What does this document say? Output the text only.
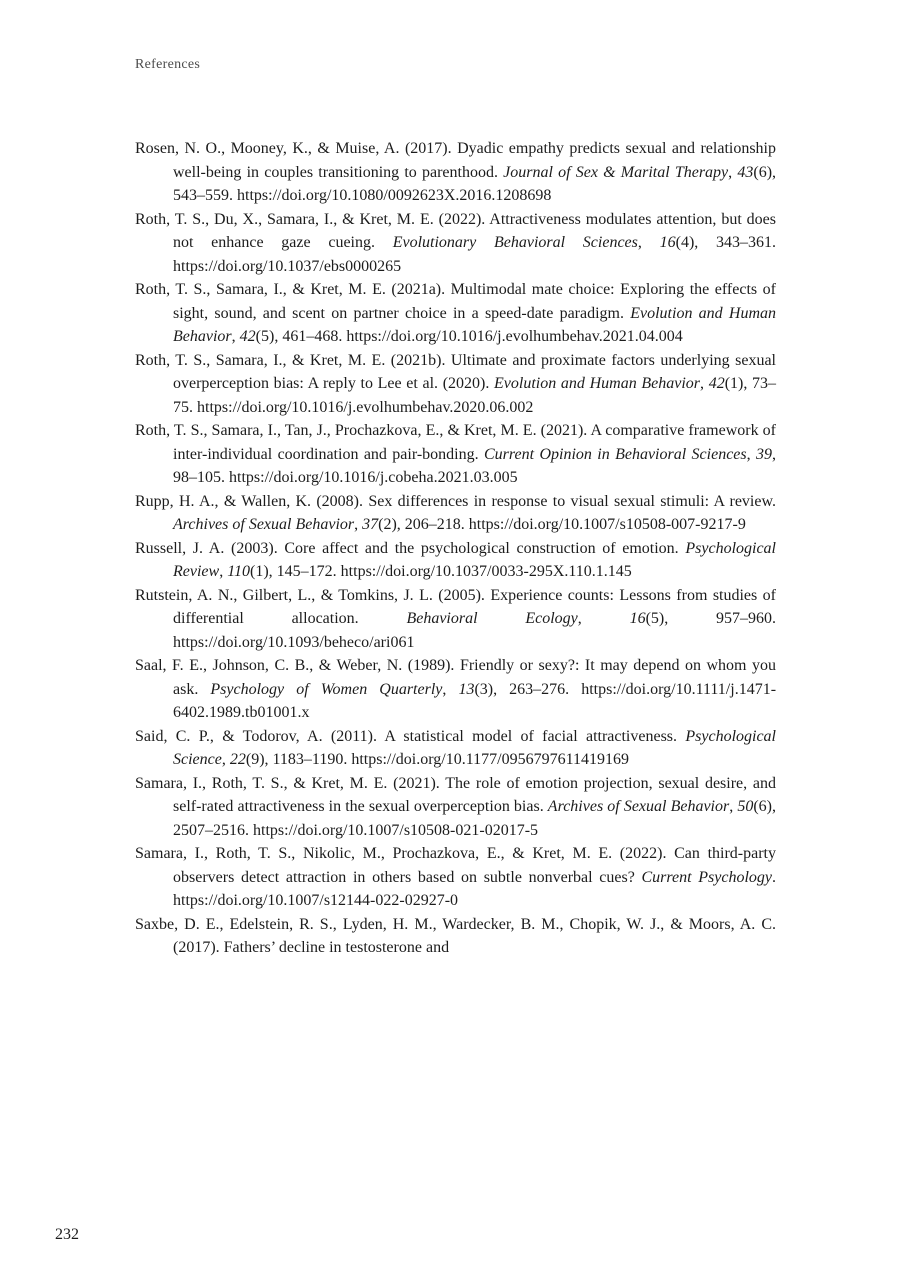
References

Rosen, N. O., Mooney, K., & Muise, A. (2017). Dyadic empathy predicts sexual and relationship well-being in couples transitioning to parenthood. Journal of Sex & Marital Therapy, 43(6), 543–559. https://doi.org/10.1080/0092623X.2016.1208698

Roth, T. S., Du, X., Samara, I., & Kret, M. E. (2022). Attractiveness modulates attention, but does not enhance gaze cueing. Evolutionary Behavioral Sciences, 16(4), 343–361. https://doi.org/10.1037/ebs0000265

Roth, T. S., Samara, I., & Kret, M. E. (2021a). Multimodal mate choice: Exploring the effects of sight, sound, and scent on partner choice in a speed-date paradigm. Evolution and Human Behavior, 42(5), 461–468. https://doi.org/10.1016/j.evolhumbehav.2021.04.004

Roth, T. S., Samara, I., & Kret, M. E. (2021b). Ultimate and proximate factors underlying sexual overperception bias: A reply to Lee et al. (2020). Evolution and Human Behavior, 42(1), 73–75. https://doi.org/10.1016/j.evolhumbehav.2020.06.002

Roth, T. S., Samara, I., Tan, J., Prochazkova, E., & Kret, M. E. (2021). A comparative framework of inter-individual coordination and pair-bonding. Current Opinion in Behavioral Sciences, 39, 98–105. https://doi.org/10.1016/j.cobeha.2021.03.005

Rupp, H. A., & Wallen, K. (2008). Sex differences in response to visual sexual stimuli: A review. Archives of Sexual Behavior, 37(2), 206–218. https://doi.org/10.1007/s10508-007-9217-9

Russell, J. A. (2003). Core affect and the psychological construction of emotion. Psychological Review, 110(1), 145–172. https://doi.org/10.1037/0033-295X.110.1.145

Rutstein, A. N., Gilbert, L., & Tomkins, J. L. (2005). Experience counts: Lessons from studies of differential allocation. Behavioral Ecology, 16(5), 957–960. https://doi.org/10.1093/beheco/ari061

Saal, F. E., Johnson, C. B., & Weber, N. (1989). Friendly or sexy?: It may depend on whom you ask. Psychology of Women Quarterly, 13(3), 263–276. https://doi.org/10.1111/j.1471-6402.1989.tb01001.x

Said, C. P., & Todorov, A. (2011). A statistical model of facial attractiveness. Psychological Science, 22(9), 1183–1190. https://doi.org/10.1177/0956797611419169

Samara, I., Roth, T. S., & Kret, M. E. (2021). The role of emotion projection, sexual desire, and self-rated attractiveness in the sexual overperception bias. Archives of Sexual Behavior, 50(6), 2507–2516. https://doi.org/10.1007/s10508-021-02017-5

Samara, I., Roth, T. S., Nikolic, M., Prochazkova, E., & Kret, M. E. (2022). Can third-party observers detect attraction in others based on subtle nonverbal cues? Current Psychology. https://doi.org/10.1007/s12144-022-02927-0

Saxbe, D. E., Edelstein, R. S., Lyden, H. M., Wardecker, B. M., Chopik, W. J., & Moors, A. C. (2017). Fathers’ decline in testosterone and

232
